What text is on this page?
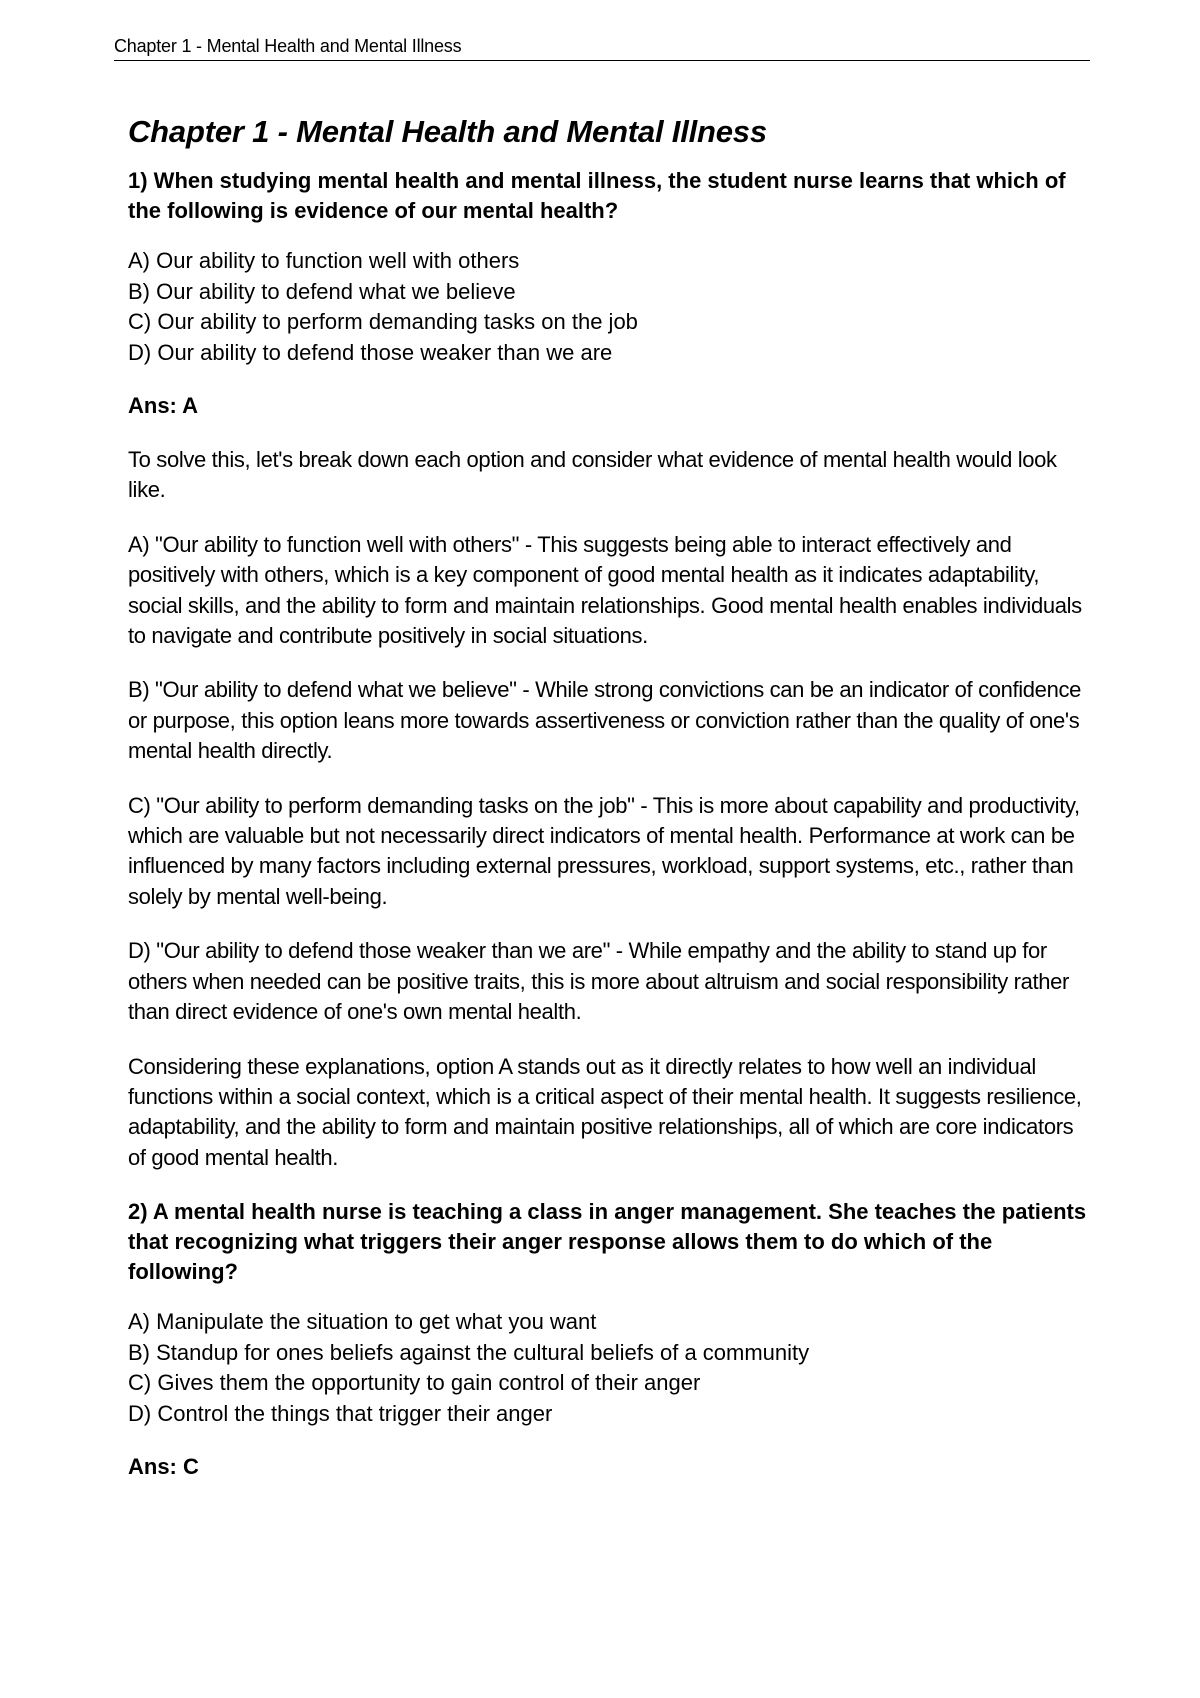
Chapter 1 - Mental Health and Mental Illness
Chapter 1 - Mental Health and Mental Illness
1) When studying mental health and mental illness, the student nurse learns that which of the following is evidence of our mental health?
A) Our ability to function well with others
B) Our ability to defend what we believe
C) Our ability to perform demanding tasks on the job
D) Our ability to defend those weaker than we are
Ans: A
To solve this, let's break down each option and consider what evidence of mental health would look like.
A) "Our ability to function well with others" - This suggests being able to interact effectively and positively with others, which is a key component of good mental health as it indicates adaptability, social skills, and the ability to form and maintain relationships. Good mental health enables individuals to navigate and contribute positively in social situations.
B) "Our ability to defend what we believe" - While strong convictions can be an indicator of confidence or purpose, this option leans more towards assertiveness or conviction rather than the quality of one's mental health directly.
C) "Our ability to perform demanding tasks on the job" - This is more about capability and productivity, which are valuable but not necessarily direct indicators of mental health. Performance at work can be influenced by many factors including external pressures, workload, support systems, etc., rather than solely by mental well-being.
D) "Our ability to defend those weaker than we are" - While empathy and the ability to stand up for others when needed can be positive traits, this is more about altruism and social responsibility rather than direct evidence of one's own mental health.
Considering these explanations, option A stands out as it directly relates to how well an individual functions within a social context, which is a critical aspect of their mental health. It suggests resilience, adaptability, and the ability to form and maintain positive relationships, all of which are core indicators of good mental health.
2) A mental health nurse is teaching a class in anger management. She teaches the patients that recognizing what triggers their anger response allows them to do which of the following?
A) Manipulate the situation to get what you want
B) Standup for ones beliefs against the cultural beliefs of a community
C) Gives them the opportunity to gain control of their anger
D) Control the things that trigger their anger
Ans: C
